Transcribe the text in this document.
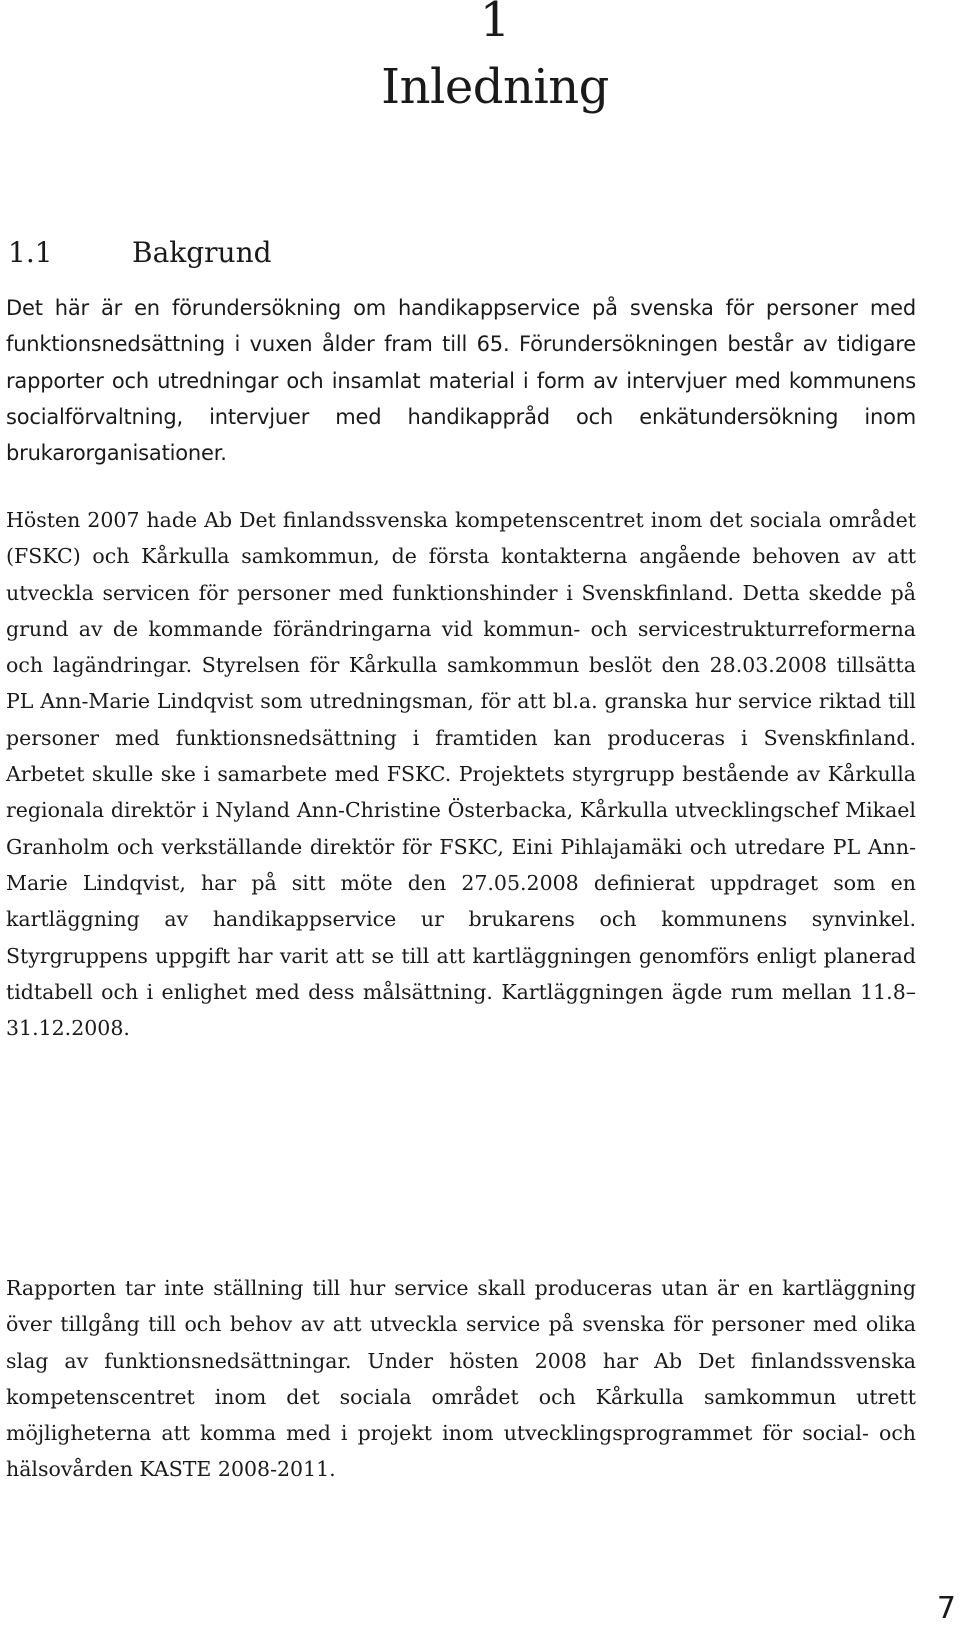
1
Inledning
1.1	Bakgrund

Det här är en förundersökning om handikappservice på svenska för personer med funktionsnedsättning i vuxen ålder fram till 65. Förundersökningen består av tidigare rapporter och utredningar och insamlat material i form av intervjuer med kommunens socialförvaltning, intervjuer med handikappråd och enkätundersökning inom brukarorganisationer.

Hösten 2007 hade Ab Det finlandssvenska kompetenscentret inom det sociala området (FSKC) och Kårkulla samkommun, de första kontakterna angående behoven av att utveckla servicen för personer med funktionshinder i Svenskfinland. Detta skedde på grund av de kommande förändringarna vid kommun- och servicestrukturreformerna och lagändringar. Styrelsen för Kårkulla samkommun beslöt den 28.03.2008 tillsätta PL Ann-Marie Lindqvist som utredningsman, för att bl.a. granska hur service riktad till personer med funktionsnedsättning i framtiden kan produceras i Svenskfinland. Arbetet skulle ske i samarbete med FSKC. Projektets styrgrupp bestående av Kårkulla regionala direktör i Nyland Ann-Christine Österbacka, Kårkulla utvecklingschef Mikael Granholm och verkställande direktör för FSKC, Eini Pihlajamäki och utredare PL Ann-Marie Lindqvist, har på sitt möte den 27.05.2008 definierat uppdraget som en kartläggning av handikappservice ur brukarens och kommunens synvinkel. Styrgruppens uppgift har varit att se till att kartläggningen genomförs enligt planerad tidtabell och i enlighet med dess målsättning. Kartläggningen ägde rum mellan 11.8–31.12.2008.

Rapporten tar inte ställning till hur service skall produceras utan är en kartläggning över tillgång till och behov av att utveckla service på svenska för personer med olika slag av funktionsnedsättningar. Under hösten 2008 har Ab Det finlandssvenska kompetenscentret inom det sociala området och Kårkulla samkommun utrett möjligheterna att komma med i projekt inom utvecklingsprogrammet för social- och hälsovården KASTE 2008-2011.

7
